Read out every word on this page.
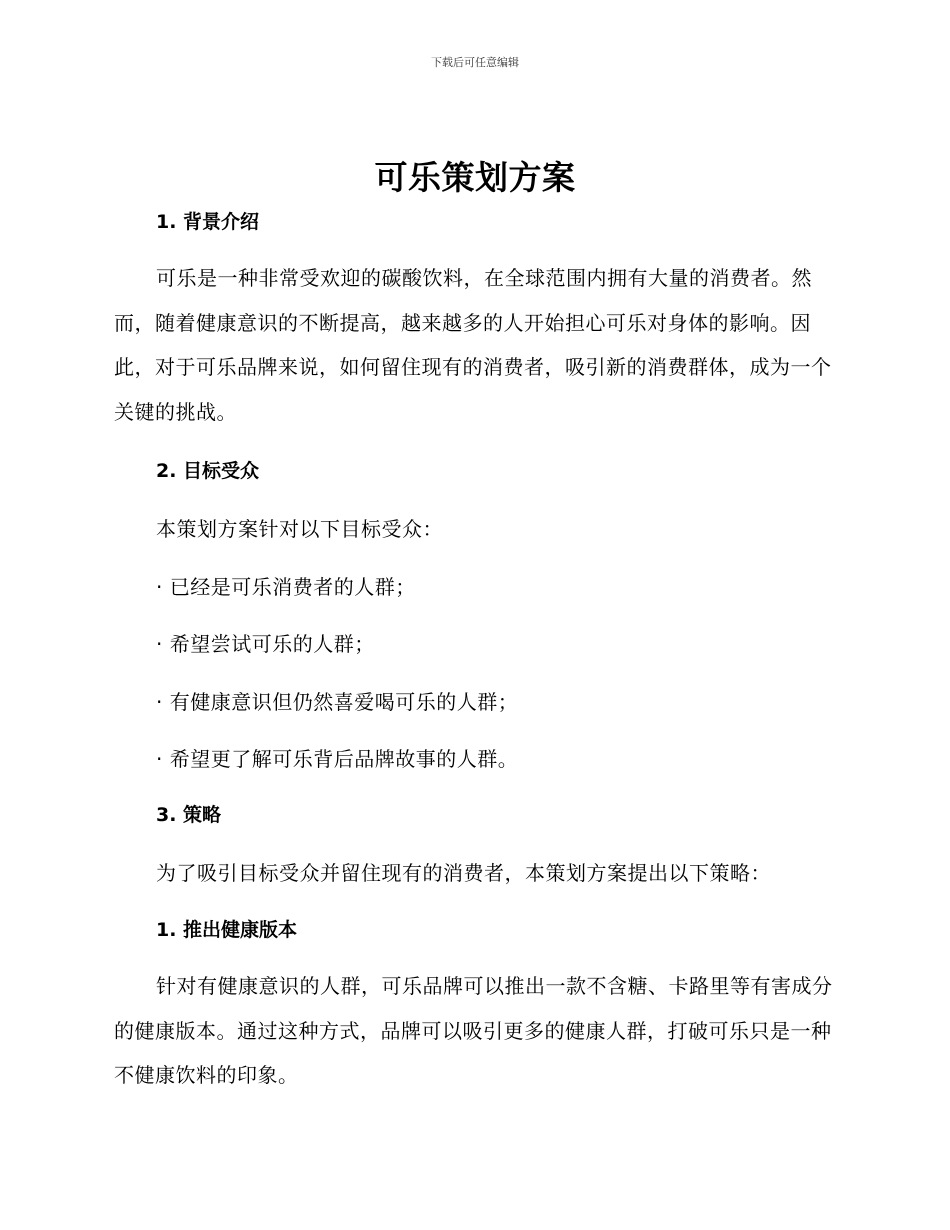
下载后可任意编辑
可乐策划方案
1. 背景介绍
可乐是一种非常受欢迎的碳酸饮料，在全球范围内拥有大量的消费者。然而，随着健康意识的不断提高，越来越多的人开始担心可乐对身体的影响。因此，对于可乐品牌来说，如何留住现有的消费者，吸引新的消费群体，成为一个关键的挑战。
2. 目标受众
本策划方案针对以下目标受众：
· 已经是可乐消费者的人群；
· 希望尝试可乐的人群；
· 有健康意识但仍然喜爱喝可乐的人群；
· 希望更了解可乐背后品牌故事的人群。
3. 策略
为了吸引目标受众并留住现有的消费者，本策划方案提出以下策略：
1. 推出健康版本
针对有健康意识的人群，可乐品牌可以推出一款不含糖、卡路里等有害成分的健康版本。通过这种方式，品牌可以吸引更多的健康人群，打破可乐只是一种不健康饮料的印象。
